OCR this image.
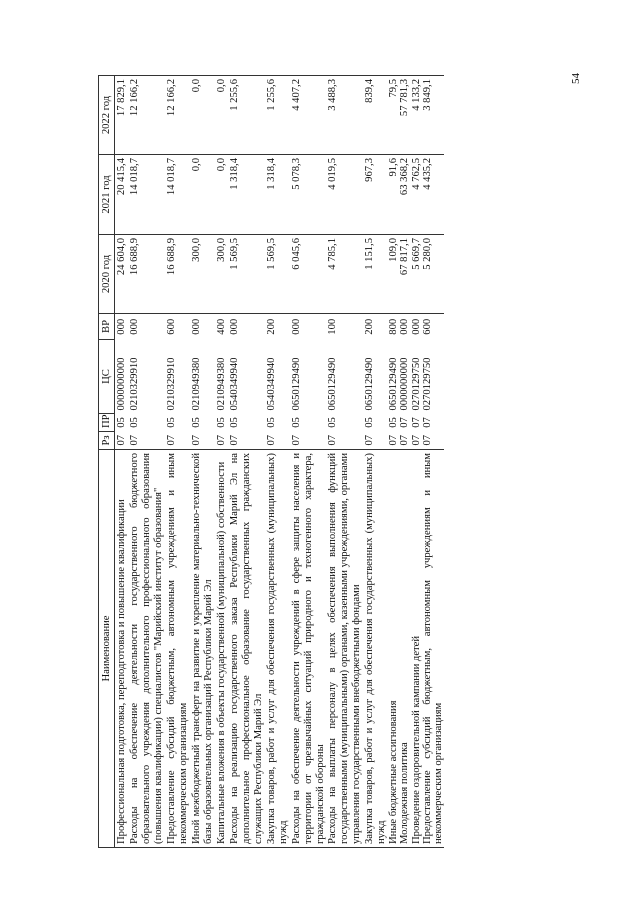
54
Наименование	Рз	ПР	ЦС	ВР	2020 год	2021 год	2022 год
Профессиональная подготовка, переподготовка и повышение квалификации	07	05	0000000000	000	24 604,0	20 415,4	17 829,1
Расходы на обеспечение деятельности государственного бюджетного образовательного учреждения дополнительного профессионального образования (повышения квалификации) специалистов "Марийский институт образования"	07	05	0210329910	000	16 688,9	14 018,7	12 166,2
Предоставление субсидий бюджетным, автономным учреждениям и иным некоммерческим организациям	07	05	0210329910	600	16 688,9	14 018,7	12 166,2
Иной межбюджетный трансферт на развитие и укрепление материально-технической базы образовательных организаций Республики Марий Эл	07	05	0210949380	000	300,0	0,0	0,0
Капитальные вложения в объекты государственной (муниципальной) собственности	07	05	0210949380	400	300,0	0,0	0,0
Расходы на реализацию государственного заказа Республики Марий Эл на дополнительное профессиональное образование государственных гражданских служащих Республики Марий Эл	07	05	0540349940	000	1 569,5	1 318,4	1 255,6
Закупка товаров, работ и услуг для обеспечения государственных (муниципальных) нужд	07	05	0540349940	200	1 569,5	1 318,4	1 255,6
Расходы на обеспечение деятельности учреждений в сфере защиты населения и территории от чрезвычайных ситуаций природного и техногенного характера, гражданской обороны	07	05	0650129490	000	6 045,6	5 078,3	4 407,2
Расходы на выплаты персоналу в целях обеспечения выполнения функций государственными (муниципальными) органами, казенными учреждениями, органами управления государственными внебюджетными фондами	07	05	0650129490	100	4 785,1	4 019,5	3 488,3
Закупка товаров, работ и услуг для обеспечения государственных (муниципальных) нужд	07	05	0650129490	200	1 151,5	967,3	839,4
Иные бюджетные ассигнования	07	05	0650129490	800	109,0	91,6	79,5
Молодежная политика	07	07	0000000000	000	67 817,1	63 368,2	57 781,3
Проведение оздоровительной кампании детей	07	07	0270129750	000	5 669,7	4 762,5	4 133,2
Предоставление субсидий бюджетным, автономным учреждениям и иным некоммерческим организациям	07	07	0270129750	600	5 280,0	4 435,2	3 849,1
